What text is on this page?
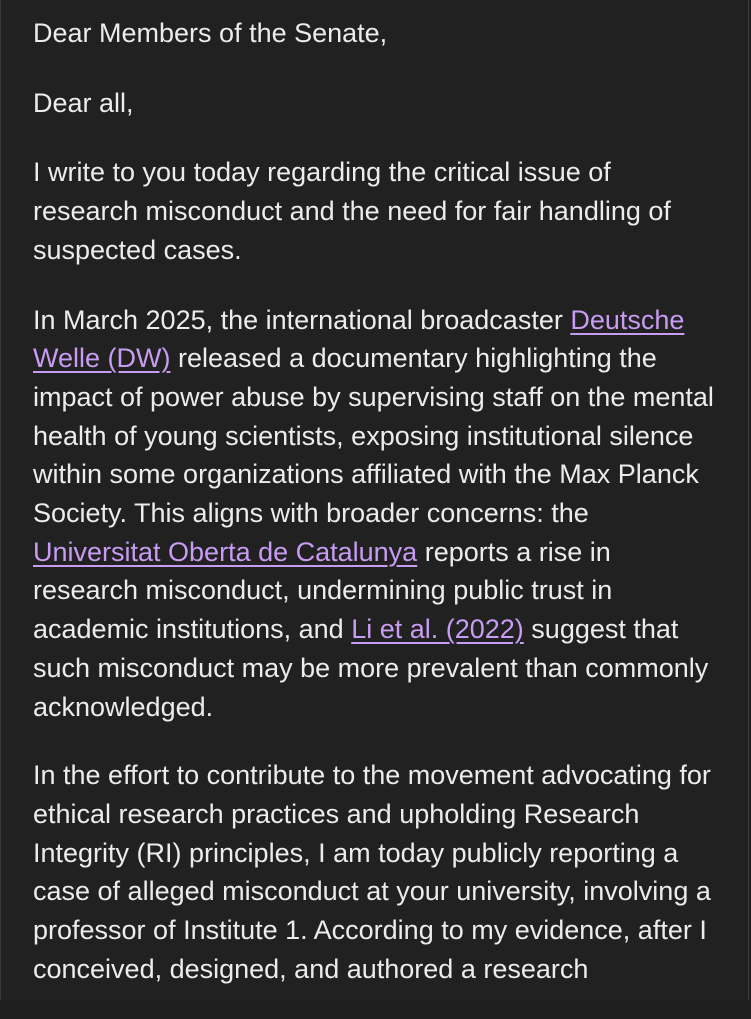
Dear Members of the Senate,

Dear all,

I write to you today regarding the critical issue of research misconduct and the need for fair handling of suspected cases.

In March 2025, the international broadcaster Deutsche Welle (DW) released a documentary highlighting the impact of power abuse by supervising staff on the mental health of young scientists, exposing institutional silence within some organizations affiliated with the Max Planck Society. This aligns with broader concerns: the Universitat Oberta de Catalunya reports a rise in research misconduct, undermining public trust in academic institutions, and Li et al. (2022) suggest that such misconduct may be more prevalent than commonly acknowledged.

In the effort to contribute to the movement advocating for ethical research practices and upholding Research Integrity (RI) principles, I am today publicly reporting a case of alleged misconduct at your university, involving a professor of Institute 1. According to my evidence, after I conceived, designed, and authored a research
